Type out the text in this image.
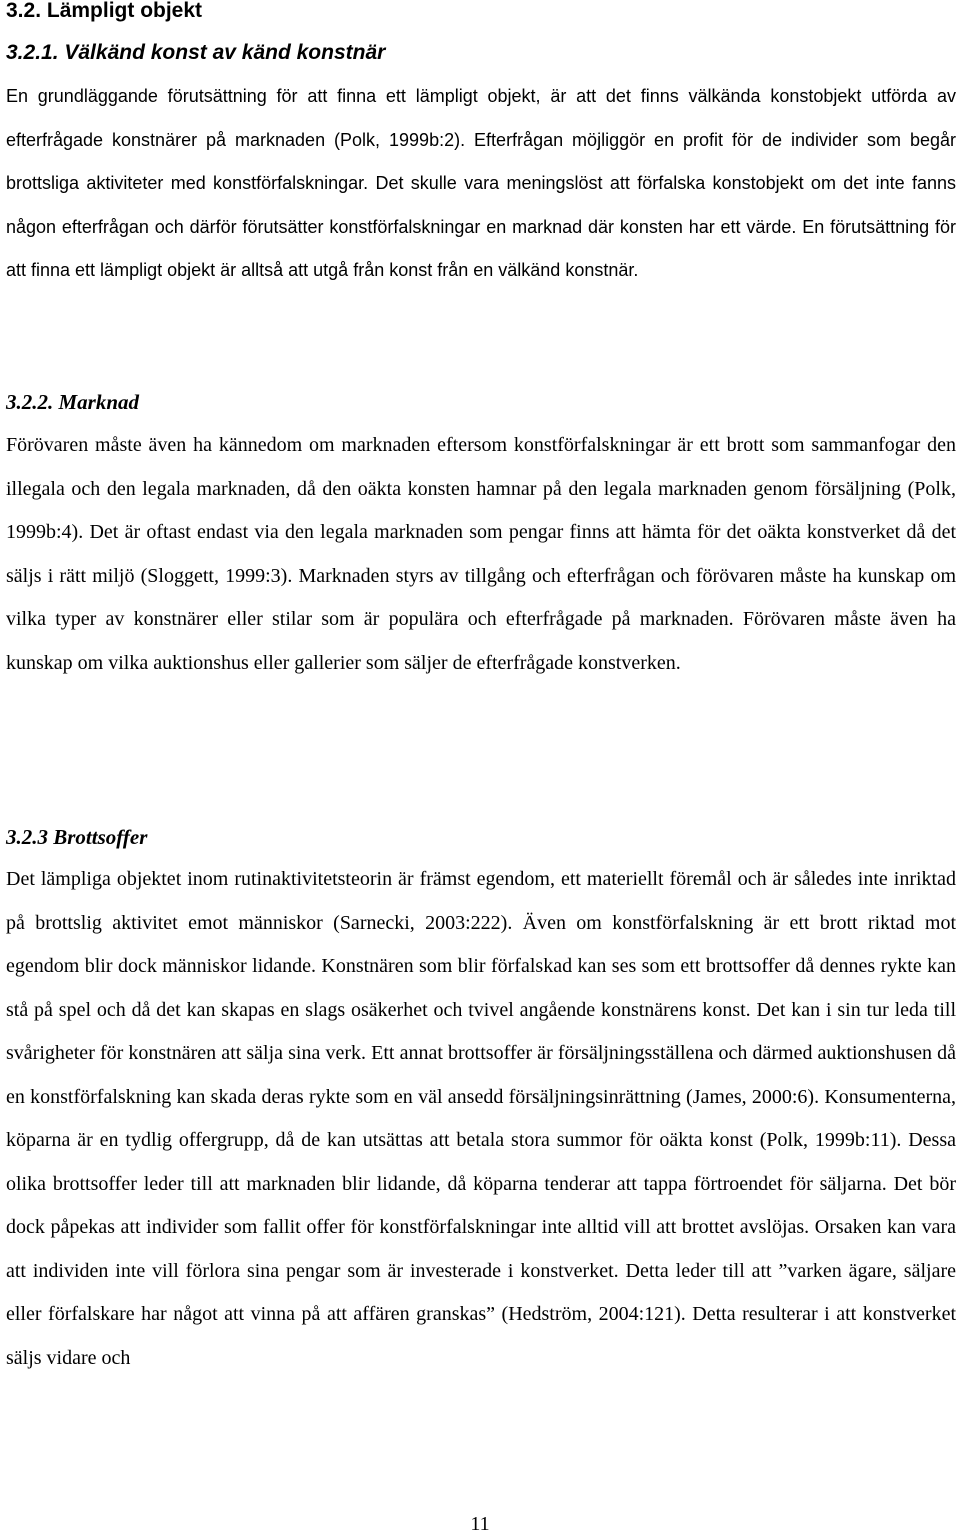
3.2. Lämpligt objekt
3.2.1. Välkänd konst av känd konstnär

En grundläggande förutsättning för att finna ett lämpligt objekt, är att det finns välkända konstobjekt utförda av efterfrågade konstnärer på marknaden (Polk, 1999b:2). Efterfrågan möjliggör en profit för de individer som begår brottsliga aktiviteter med konstförfalskningar. Det skulle vara meningslöst att förfalska konstobjekt om det inte fanns någon efterfrågan och därför förutsätter konstförfalskningar en marknad där konsten har ett värde. En förutsättning för att finna ett lämpligt objekt är alltså att utgå från konst från en välkänd konstnär.

3.2.2. Marknad

Förövaren måste även ha kännedom om marknaden eftersom konstförfalskningar är ett brott som sammanfogar den illegala och den legala marknaden, då den oäkta konsten hamnar på den legala marknaden genom försäljning (Polk, 1999b:4). Det är oftast endast via den legala marknaden som pengar finns att hämta för det oäkta konstverket då det säljs i rätt miljö (Sloggett, 1999:3). Marknaden styrs av tillgång och efterfrågan och förövaren måste ha kunskap om vilka typer av konstnärer eller stilar som är populära och efterfrågade på marknaden. Förövaren måste även ha kunskap om vilka auktionshus eller gallerier som säljer de efterfrågade konstverken.

3.2.3 Brottsoffer

Det lämpliga objektet inom rutinaktivitetsteorin är främst egendom, ett materiellt föremål och är således inte inriktad på brottslig aktivitet emot människor (Sarnecki, 2003:222). Även om konstförfalskning är ett brott riktad mot egendom blir dock människor lidande. Konstnären som blir förfalskad kan ses som ett brottsoffer då dennes rykte kan stå på spel och då det kan skapas en slags osäkerhet och tvivel angående konstnärens konst. Det kan i sin tur leda till svårigheter för konstnären att sälja sina verk. Ett annat brottsoffer är försäljningsställena och därmed auktionshusen då en konstförfalskning kan skada deras rykte som en väl ansedd försäljningsinrättning (James, 2000:6). Konsumenterna, köparna är en tydlig offergrupp, då de kan utsättas att betala stora summor för oäkta konst (Polk, 1999b:11). Dessa olika brottsoffer leder till att marknaden blir lidande, då köparna tenderar att tappa förtroendet för säljarna. Det bör dock påpekas att individer som fallit offer för konstförfalskningar inte alltid vill att brottet avslöjas. Orsaken kan vara att individen inte vill förlora sina pengar som är investerade i konstverket. Detta leder till att ”varken ägare, säljare eller förfalskare har något att vinna på att affären granskas” (Hedström, 2004:121). Detta resulterar i att konstverket säljs vidare och

11
